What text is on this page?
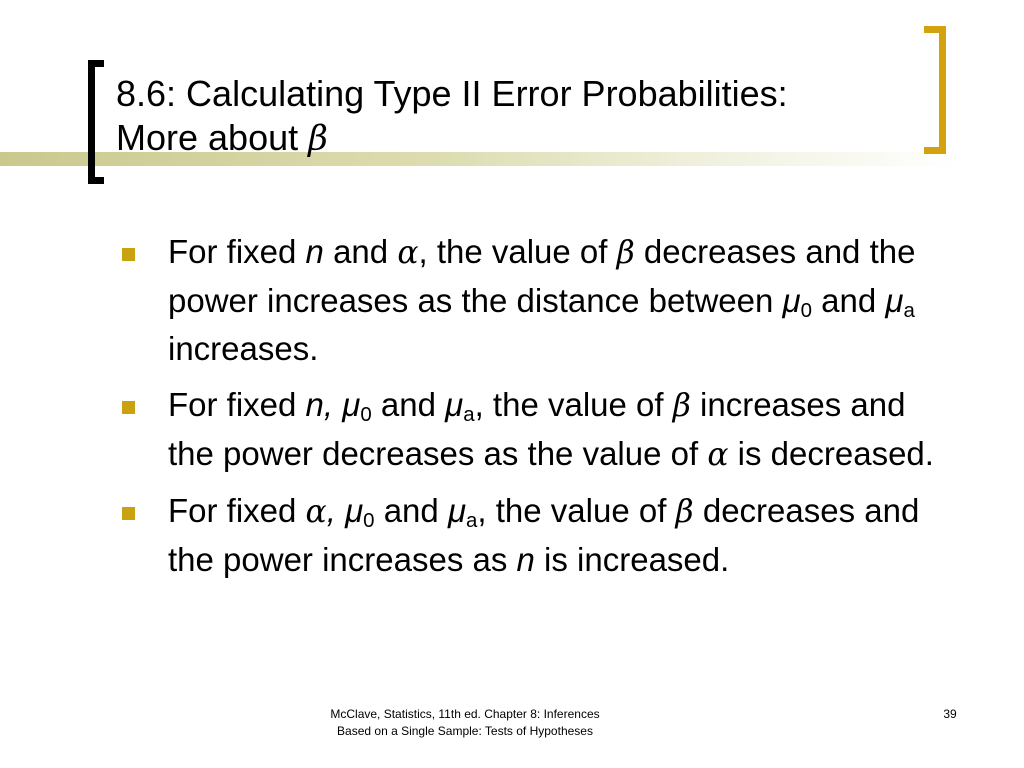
8.6: Calculating Type II Error Probabilities:
More about β
For fixed n and α, the value of β decreases and the power increases as the distance between $\mu_0$ and $\mu_a$ increases.
For fixed n, $\mu_0$ and $\mu_a$, the value of β increases and the power decreases as the value of α is decreased.
For fixed α, $\mu_0$ and $\mu_a$, the value of β decreases and the power increases as n is increased.
McClave, Statistics, 11th ed. Chapter 8: Inferences
Based on a Single Sample: Tests of Hypotheses
39
